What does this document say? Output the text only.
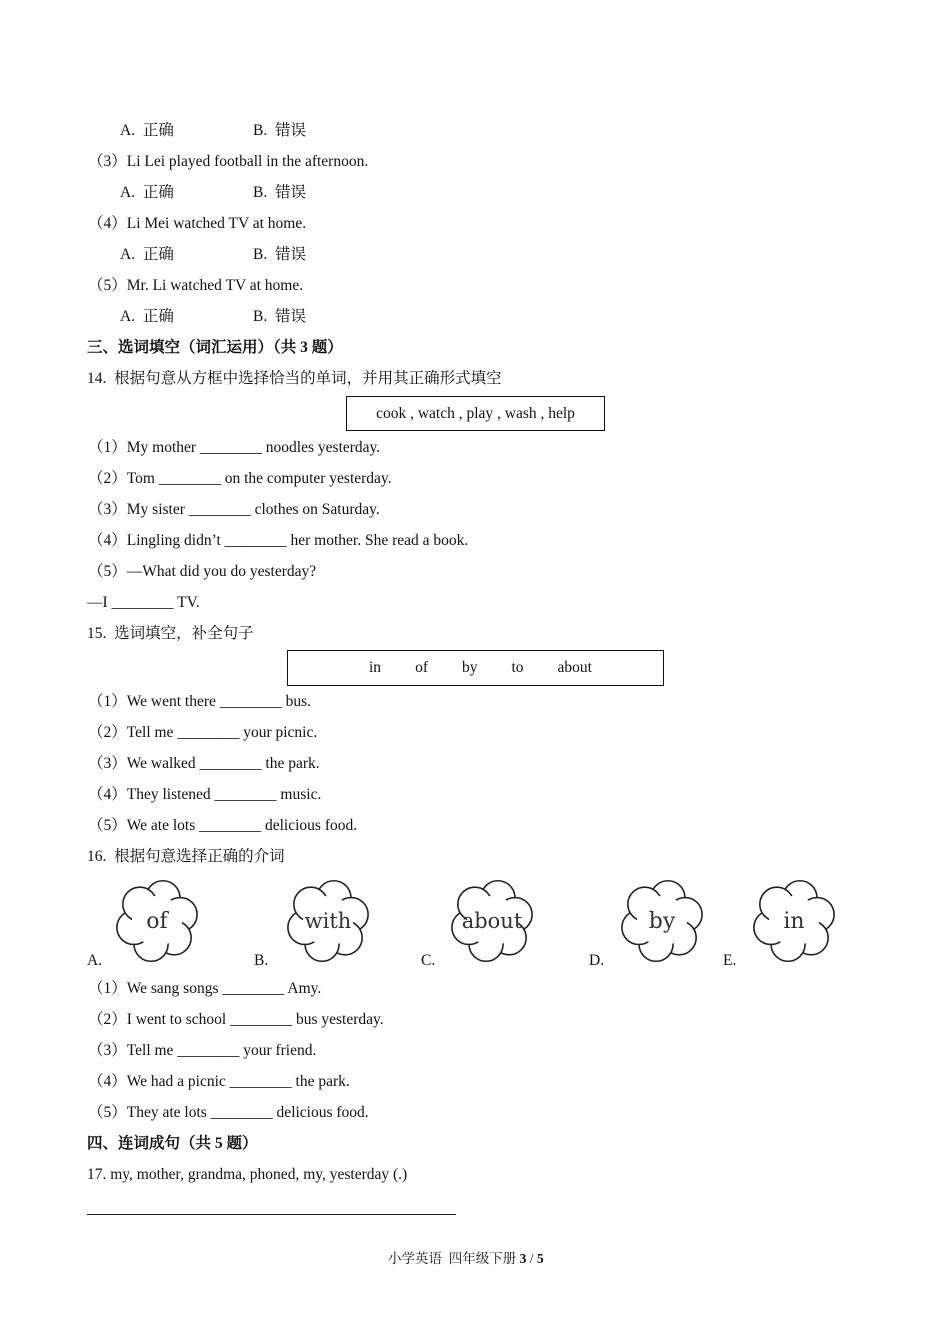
A.  正确	B.  错误
（3）Li Lei played football in the afternoon.
A.  正确	B.  错误
（4）Li Mei watched TV at home.
A.  正确	B.  错误
（5）Mr. Li watched TV at home.
A.  正确	B.  错误
三、选词填空（词汇运用）（共 3 题）
14.  根据句意从方框中选择恰当的单词，并用其正确形式填空
cook , watch , play , wash , help
（1）My mother ________ noodles yesterday.
（2）Tom ________ on the computer yesterday.
（3）My sister ________ clothes on Saturday.
（4）Lingling didn’t ________ her mother. She read a book.
（5）—What did you do yesterday?
—I ________ TV.
15.  选词填空，补全句子
in of by to about
（1）We went there ________ bus.
（2）Tell me ________ your picnic.
（3）We walked ________ the park.
（4）They listened ________ music.
（5）We ate lots ________ delicious food.
16.  根据句意选择正确的介词
of	with	about	by	in
A.	B.	C.	D.	E.
（1）We sang songs ________ Amy.
（2）I went to school ________ bus yesterday.
（3）Tell me ________ your friend.
（4）We had a picnic ________ the park.
（5）They ate lots ________ delicious food.
四、连词成句（共 5 题）
17. my, mother, grandma, phoned, my, yesterday (.)
小学英语  四年级下册 3 / 5
